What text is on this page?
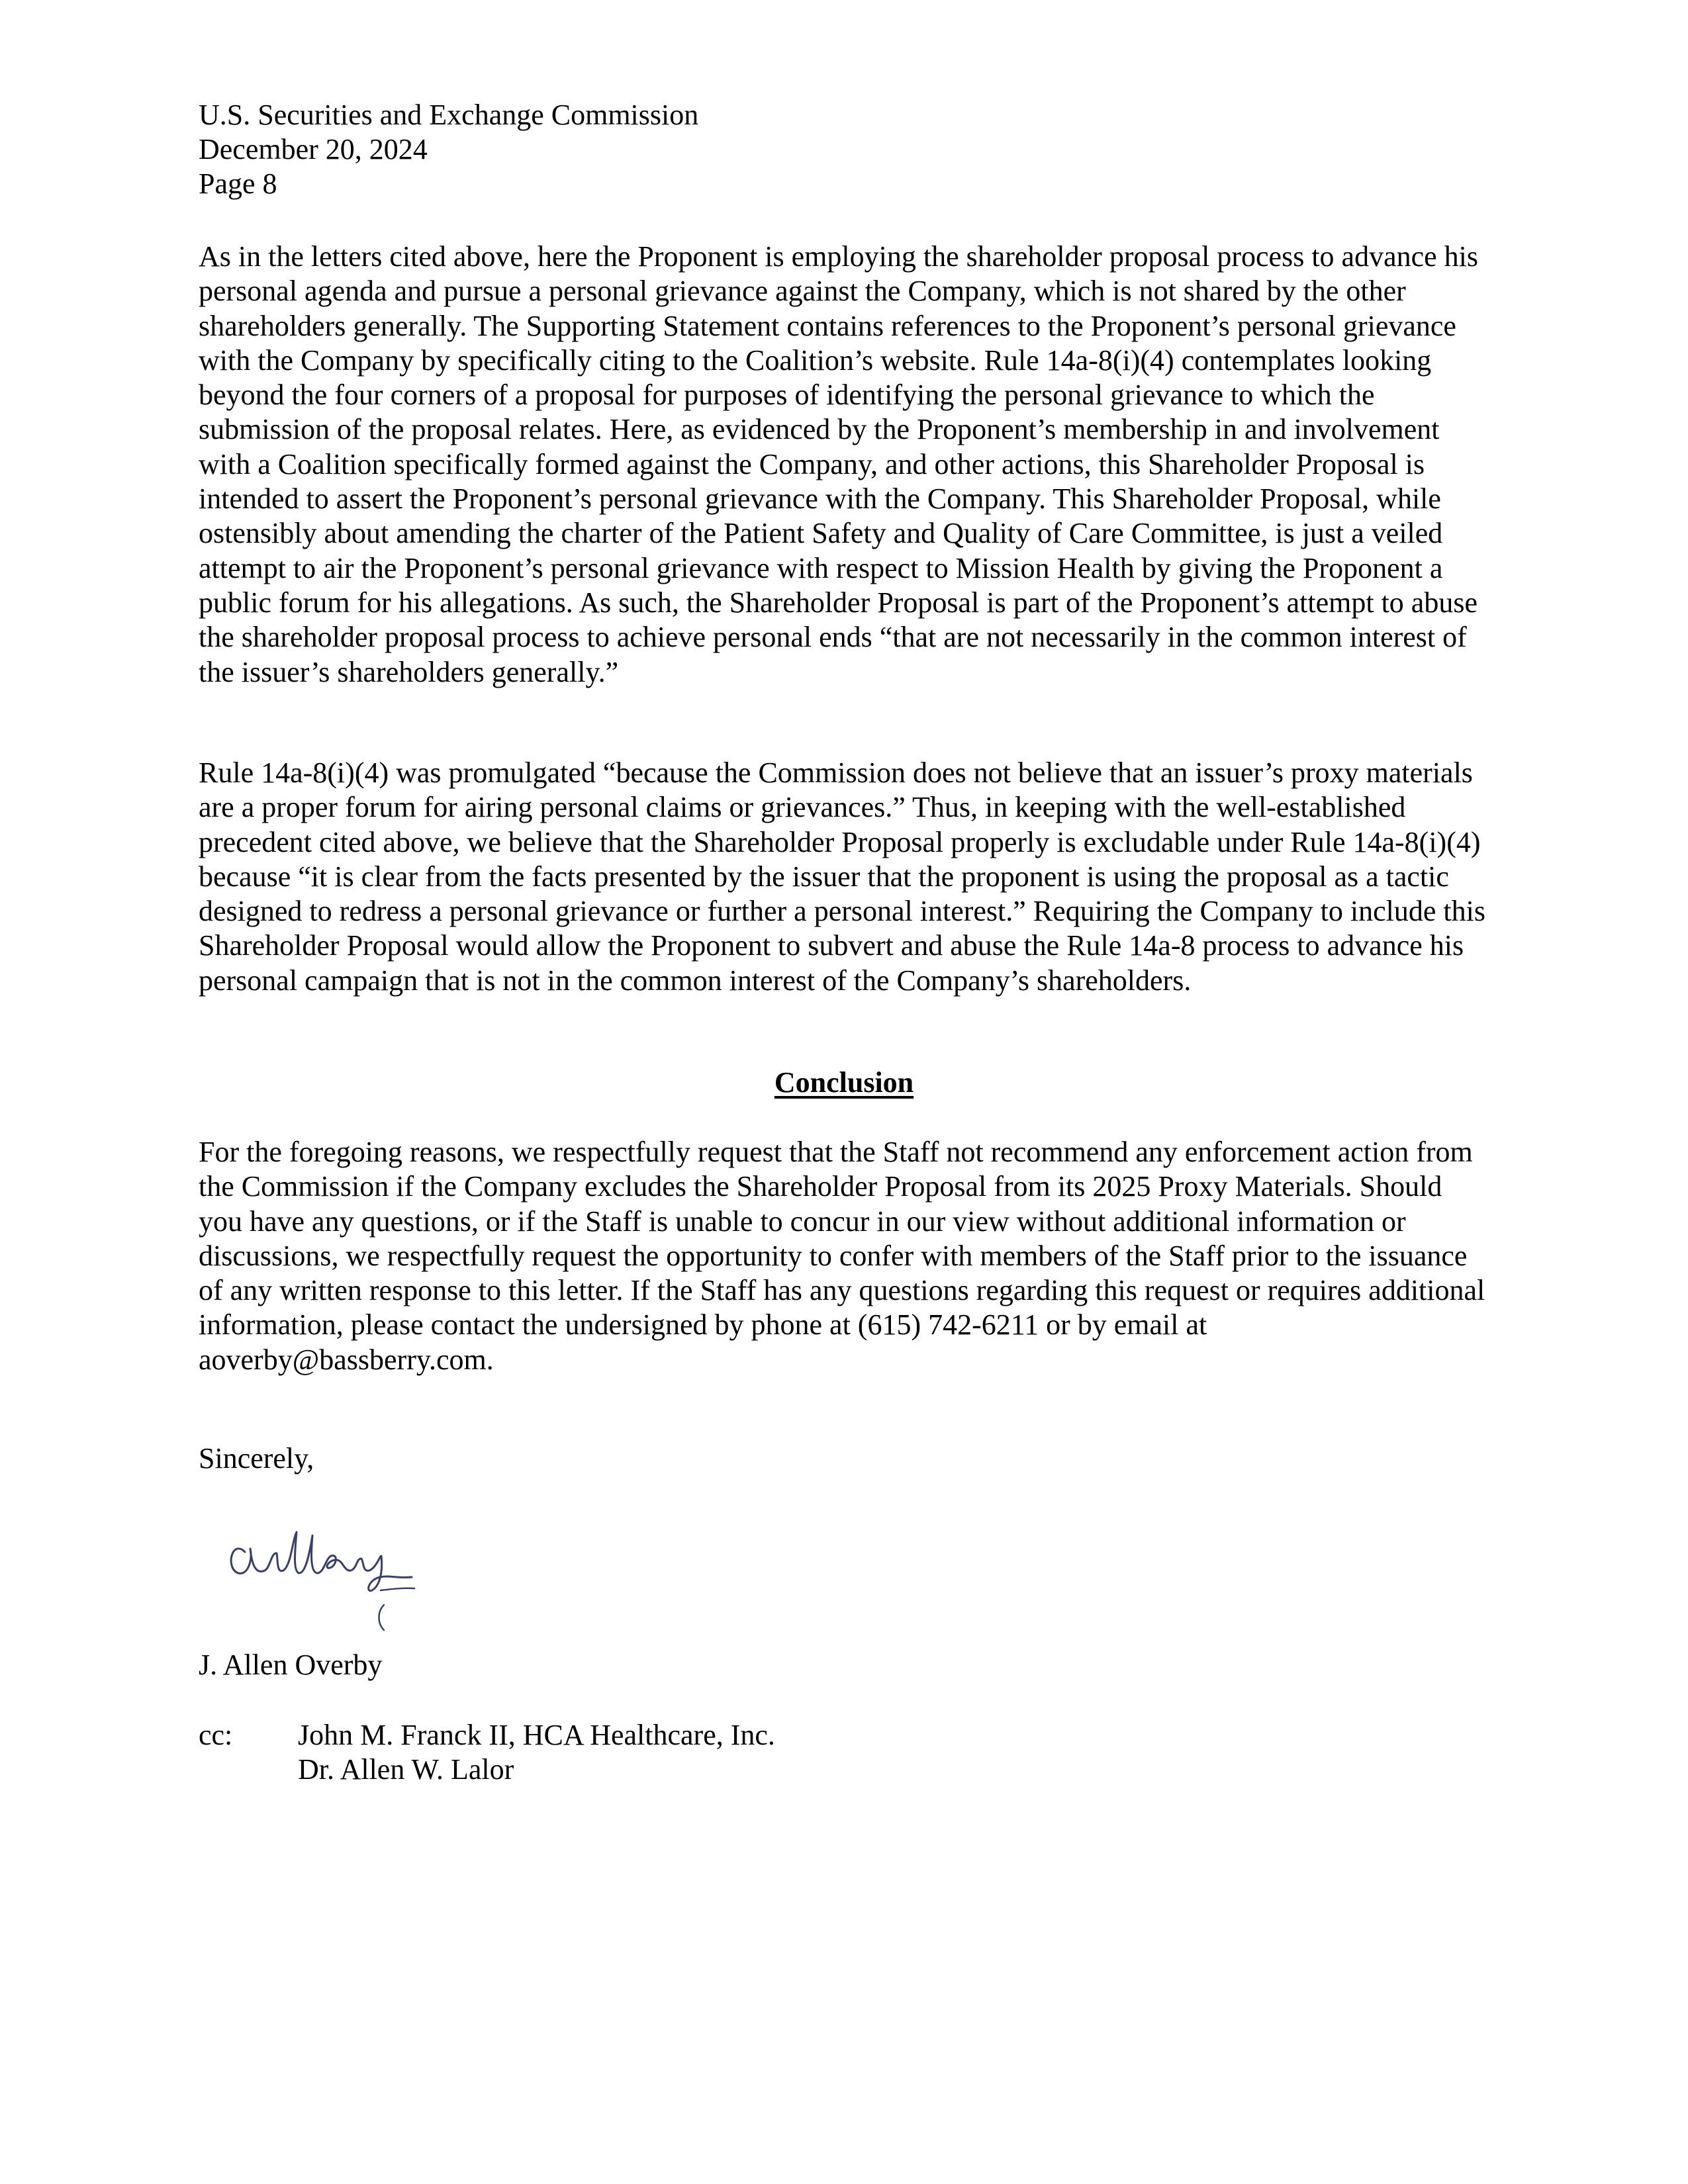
U.S. Securities and Exchange Commission
December 20, 2024
Page 8

As in the letters cited above, here the Proponent is employing the shareholder proposal process to advance his personal agenda and pursue a personal grievance against the Company, which is not shared by the other shareholders generally. The Supporting Statement contains references to the Proponent’s personal grievance with the Company by specifically citing to the Coalition’s website. Rule 14a-8(i)(4) contemplates looking beyond the four corners of a proposal for purposes of identifying the personal grievance to which the submission of the proposal relates. Here, as evidenced by the Proponent’s membership in and involvement with a Coalition specifically formed against the Company, and other actions, this Shareholder Proposal is intended to assert the Proponent’s personal grievance with the Company. This Shareholder Proposal, while ostensibly about amending the charter of the Patient Safety and Quality of Care Committee, is just a veiled attempt to air the Proponent’s personal grievance with respect to Mission Health by giving the Proponent a public forum for his allegations. As such, the Shareholder Proposal is part of the Proponent’s attempt to abuse the shareholder proposal process to achieve personal ends “that are not necessarily in the common interest of the issuer’s shareholders generally.”

Rule 14a-8(i)(4) was promulgated “because the Commission does not believe that an issuer’s proxy materials are a proper forum for airing personal claims or grievances.” Thus, in keeping with the well-established precedent cited above, we believe that the Shareholder Proposal properly is excludable under Rule 14a-8(i)(4) because “it is clear from the facts presented by the issuer that the proponent is using the proposal as a tactic designed to redress a personal grievance or further a personal interest.” Requiring the Company to include this Shareholder Proposal would allow the Proponent to subvert and abuse the Rule 14a-8 process to advance his personal campaign that is not in the common interest of the Company’s shareholders.

Conclusion

For the foregoing reasons, we respectfully request that the Staff not recommend any enforcement action from the Commission if the Company excludes the Shareholder Proposal from its 2025 Proxy Materials. Should you have any questions, or if the Staff is unable to concur in our view without additional information or discussions, we respectfully request the opportunity to confer with members of the Staff prior to the issuance of any written response to this letter. If the Staff has any questions regarding this request or requires additional information, please contact the undersigned by phone at (615) 742-6211 or by email at aoverby@bassberry.com.

Sincerely,
J. Allen Overby
cc: John M. Franck II, HCA Healthcare, Inc.
Dr. Allen W. Lalor
